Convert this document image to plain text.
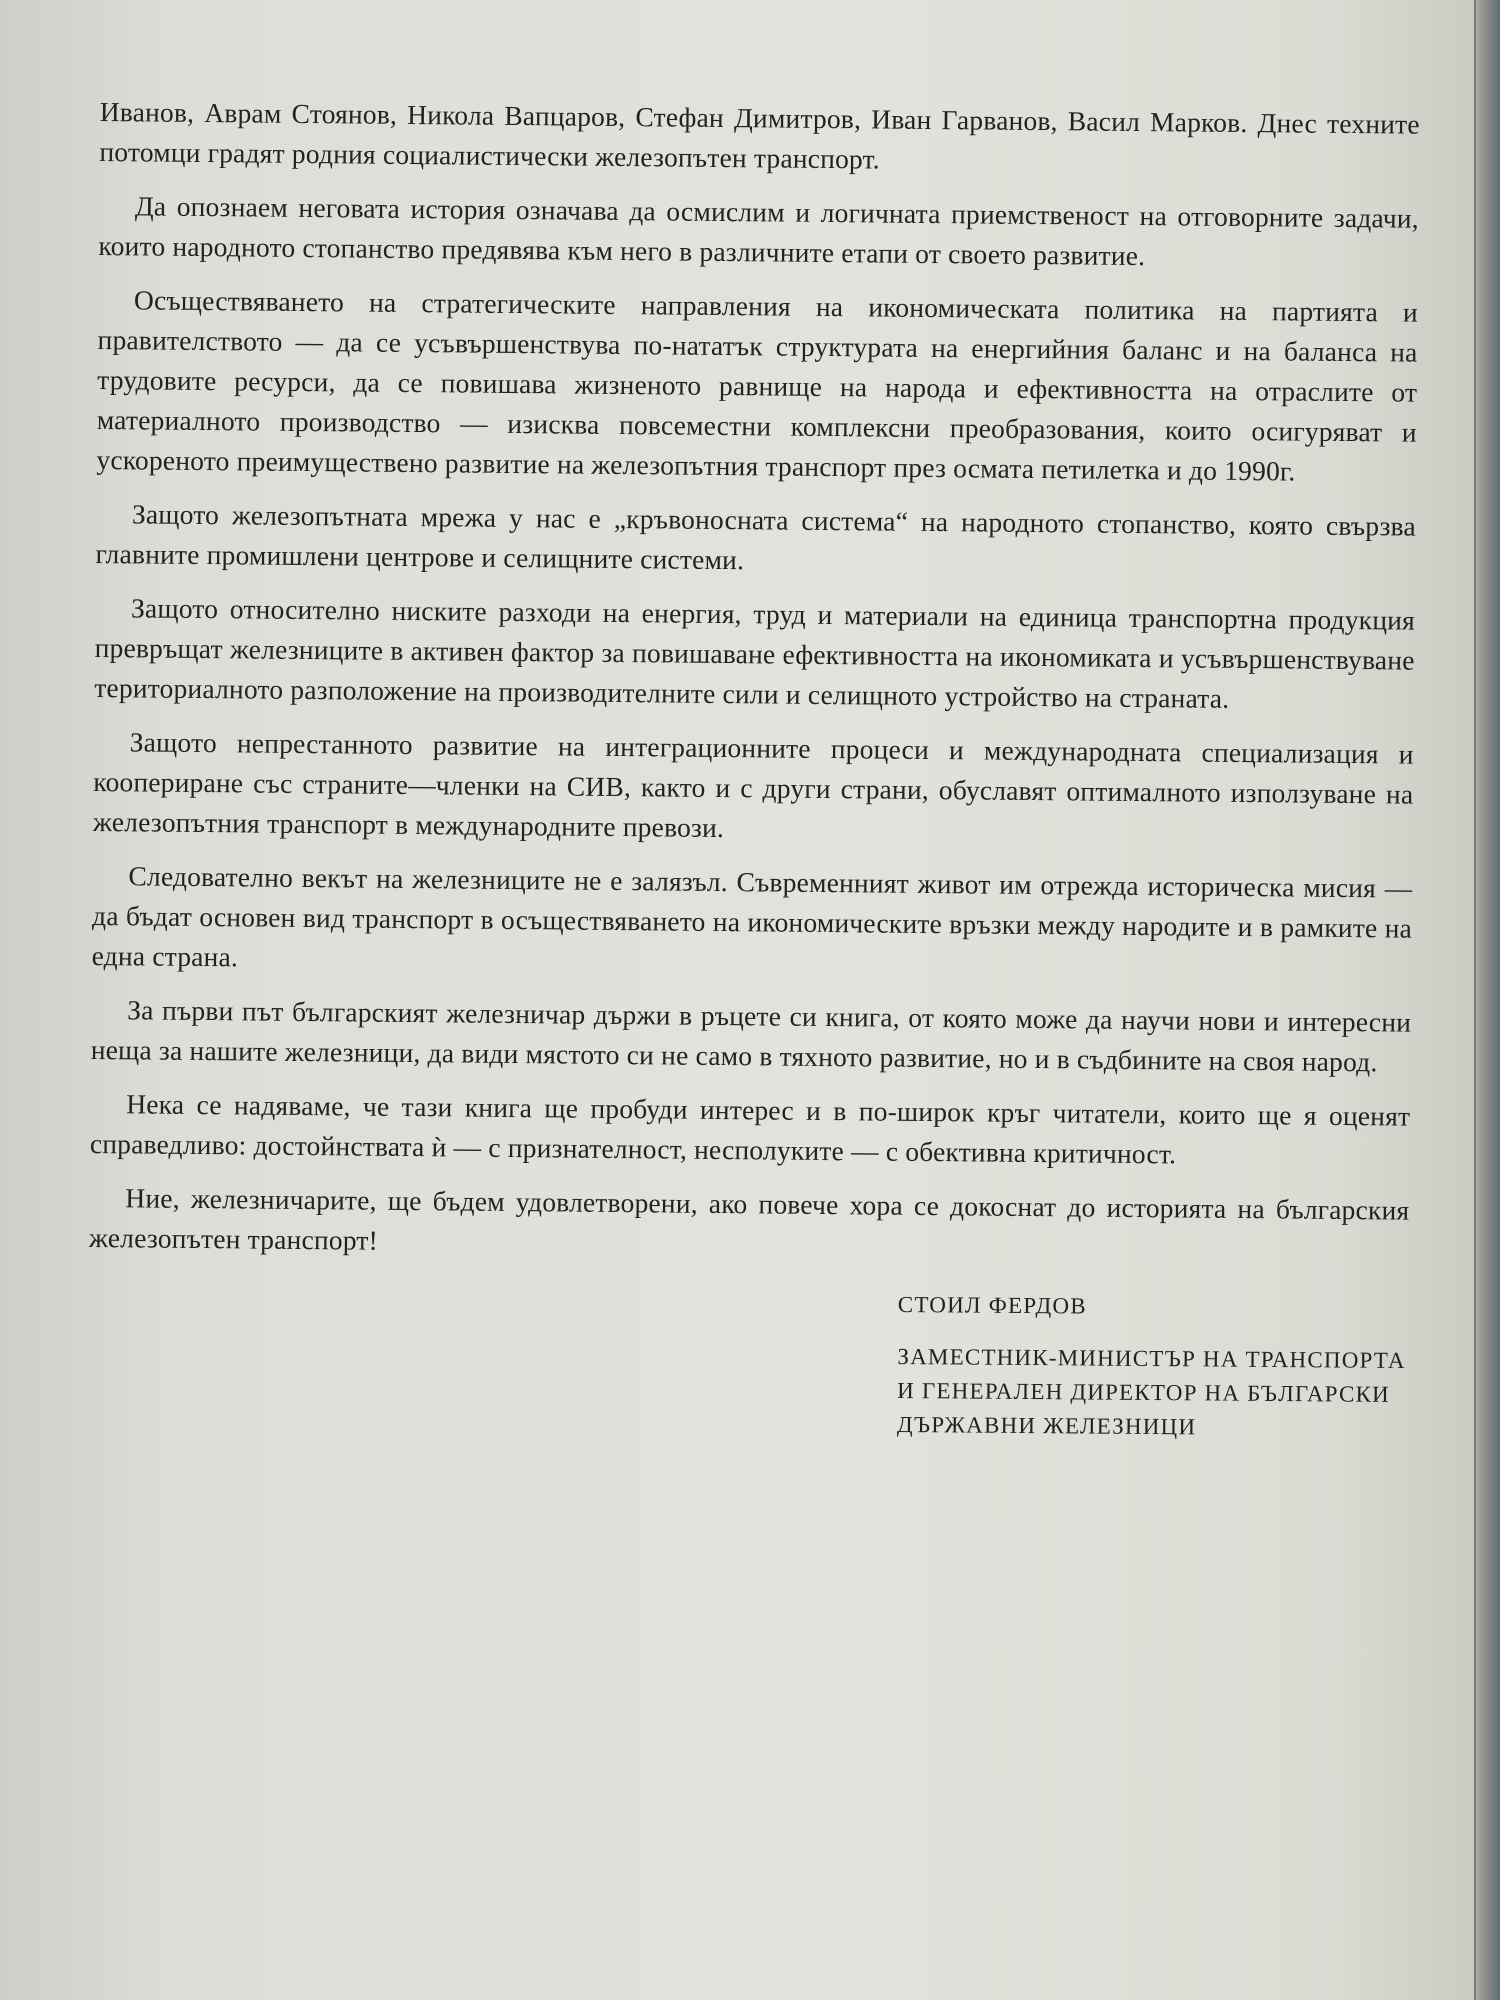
Иванов, Аврам Стоянов, Никола Вапцаров, Стефан Димитров, Иван Гарванов, Васил Марков. Днес техните потомци градят родния социалистически железопътен транспорт.

Да опознаем неговата история означава да осмислим и логичната приемственост на отговорните задачи, които народното стопанство предявява към него в различните етапи от своето развитие.

Осъществяването на стратегическите направления на икономическата политика на партията и правителството — да се усъвършенствува по-нататък структурата на енергийния баланс и на баланса на трудовите ресурси, да се повишава жизненото равнище на народа и ефективността на отраслите от материалното производство — изисква повсеместни комплексни преобразования, които осигуряват и ускореното преимуществено развитие на железопътния транспорт през осмата петилетка и до 1990г.

Защото железопътната мрежа у нас е „кръвоносната система“ на народното стопанство, която свързва главните промишлени центрове и селищните системи.

Защото относително ниските разходи на енергия, труд и материали на единица транспортна продукция превръщат железниците в активен фактор за повишаване ефективността на икономиката и усъвършенствуване териториалното разположение на производителните сили и селищното устройство на страната.

Защото непрестанното развитие на интеграционните процеси и международната специализация и коопериране със страните—членки на СИВ, както и с други страни, обуславят оптималното използуване на железопътния транспорт в международните превози.

Следователно векът на железниците не е залязъл. Съвременният живот им отрежда историческа мисия — да бъдат основен вид транспорт в осъществяването на икономическите връзки между народите и в рамките на една страна.

За първи път българският железничар държи в ръцете си книга, от която може да научи нови и интересни неща за нашите железници, да види мястото си не само в тяхното развитие, но и в съдбините на своя народ.

Нека се надяваме, че тази книга ще пробуди интерес и в по-широк кръг читатели, които ще я оценят справедливо: достойнствата ѝ — с признателност, несполуките — с обективна критичност.

Ние, железничарите, ще бъдем удовлетворени, ако повече хора се докоснат до историята на българския железопътен транспорт!

СТОИЛ ФЕРДОВ

ЗАМЕСТНИК-МИНИСТЪР НА ТРАНСПОРТА

И ГЕНЕРАЛЕН ДИРЕКТОР НА БЪЛГАРСКИ

ДЪРЖАВНИ ЖЕЛЕЗНИЦИ
